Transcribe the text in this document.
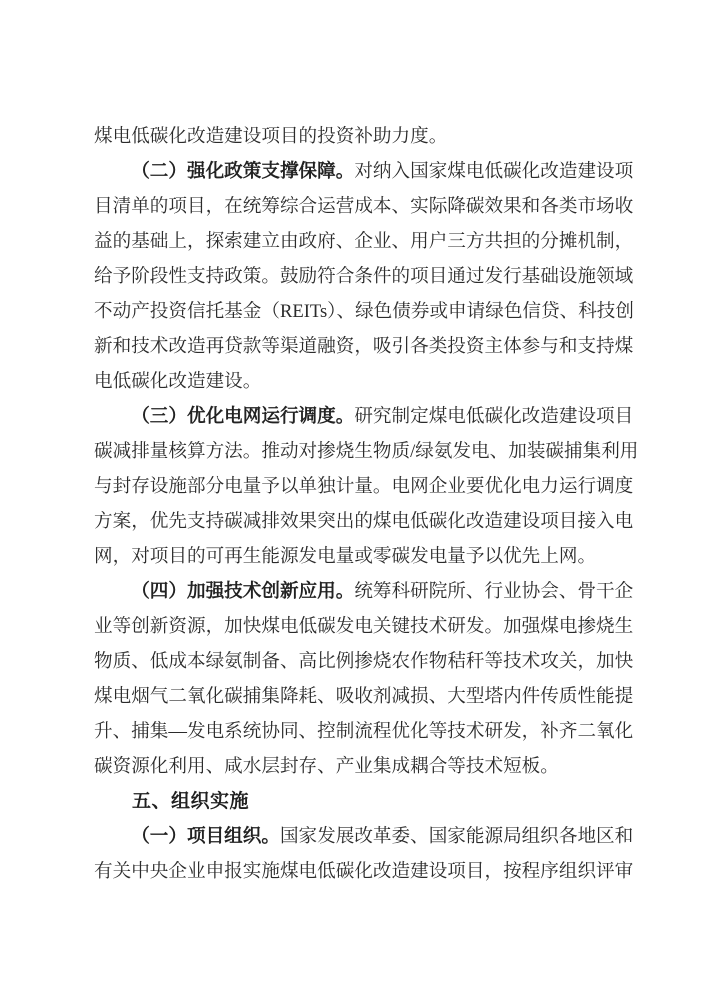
煤电低碳化改造建设项目的投资补助力度。

（二）强化政策支撑保障。对纳入国家煤电低碳化改造建设项目清单的项目，在统筹综合运营成本、实际降碳效果和各类市场收益的基础上，探索建立由政府、企业、用户三方共担的分摊机制，给予阶段性支持政策。鼓励符合条件的项目通过发行基础设施领域不动产投资信托基金（REITs）、绿色债券或申请绿色信贷、科技创新和技术改造再贷款等渠道融资，吸引各类投资主体参与和支持煤电低碳化改造建设。

（三）优化电网运行调度。研究制定煤电低碳化改造建设项目碳减排量核算方法。推动对掺烧生物质/绿氨发电、加装碳捕集利用与封存设施部分电量予以单独计量。电网企业要优化电力运行调度方案，优先支持碳减排效果突出的煤电低碳化改造建设项目接入电网，对项目的可再生能源发电量或零碳发电量予以优先上网。

（四）加强技术创新应用。统筹科研院所、行业协会、骨干企业等创新资源，加快煤电低碳发电关键技术研发。加强煤电掺烧生物质、低成本绿氨制备、高比例掺烧农作物秸秆等技术攻关，加快煤电烟气二氧化碳捕集降耗、吸收剂减损、大型塔内件传质性能提升、捕集—发电系统协同、控制流程优化等技术研发，补齐二氧化碳资源化利用、咸水层封存、产业集成耦合等技术短板。

五、组织实施

（一）项目组织。国家发展改革委、国家能源局组织各地区和有关中央企业申报实施煤电低碳化改造建设项目，按程序组织评审
